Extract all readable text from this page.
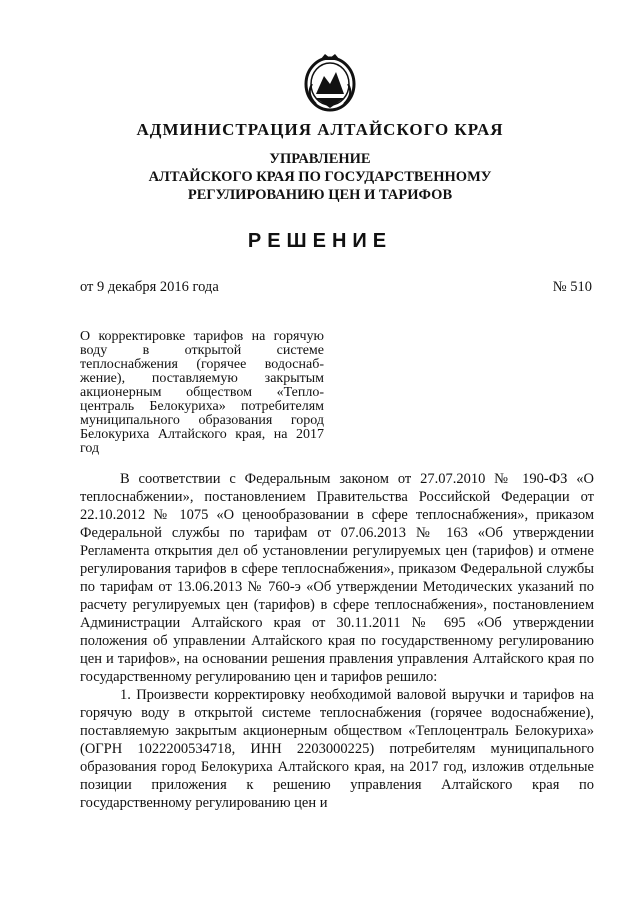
АДМИНИСТРАЦИЯ АЛТАЙСКОГО КРАЯ
УПРАВЛЕНИЕ
АЛТАЙСКОГО КРАЯ ПО ГОСУДАРСТВЕННОМУ
РЕГУЛИРОВАНИЮ ЦЕН И ТАРИФОВ
РЕШЕНИЕ
от 9 декабря 2016 года	№ 510
О корректировке тарифов на горячую воду в открытой системе теплоснабжения (горячее водоснаб-жение), поставляемую закрытым акционерным обществом «Тепло-централь Белокуриха» потребителям муниципального образования город Белокуриха Алтайского края, на 2017 год

В соответствии с Федеральным законом от 27.07.2010 № 190-ФЗ «О теплоснабжении», постановлением Правительства Российской Федерации от 22.10.2012 № 1075 «О ценообразовании в сфере теплоснабжения», приказом Федеральной службы по тарифам от 07.06.2013 № 163 «Об утверждении Регламента открытия дел об установлении регулируемых цен (тарифов) и отмене регулирования тарифов в сфере теплоснабжения», приказом Федеральной службы по тарифам от 13.06.2013 № 760-э «Об утверждении Методических указаний по расчету регулируемых цен (тарифов) в сфере теплоснабжения», постановлением Администрации Алтайского края от 30.11.2011 № 695 «Об утверждении положения об управлении Алтайского края по государственному регулированию цен и тарифов», на основании решения правления управления Алтайского края по государственному регулированию цен и тарифов решило:

1. Произвести корректировку необходимой валовой выручки и тарифов на горячую воду в открытой системе теплоснабжения (горячее водоснабжение), поставляемую закрытым акционерным обществом «Теплоцентраль Белокуриха» (ОГРН 1022200534718, ИНН 2203000225) потребителям муниципального образования город Белокуриха Алтайского края, на 2017 год, изложив отдельные позиции приложения к решению управления Алтайского края по государственному регулированию цен и
